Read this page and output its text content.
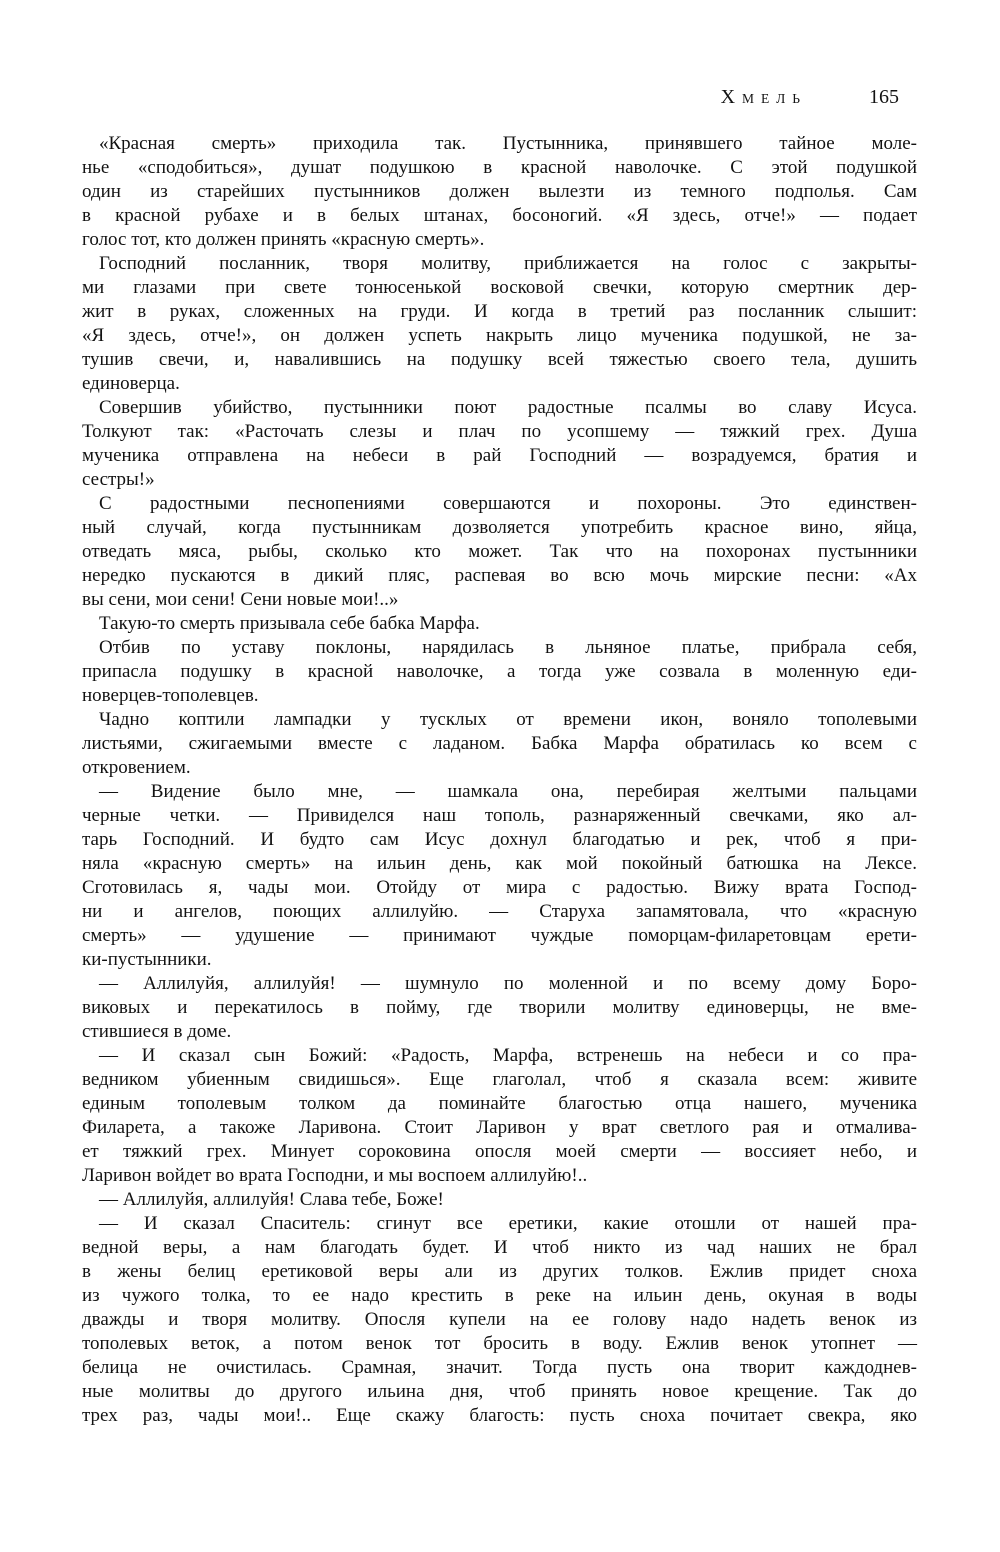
ХМЕЛЬ	165

«Красная смерть» приходила так. Пустынника, принявшего тайное моле-
нье «сподобиться», душат подушкою в красной наволочке. С этой подушкой
один из старейших пустынников должен вылезти из темного подполья. Сам
в красной рубахе и в белых штанах, босоногий. «Я здесь, отче!» — подает
голос тот, кто должен принять «красную смерть».

Господний посланник, творя молитву, приближается на голос с закрыты-
ми глазами при свете тонюсенькой восковой свечки, которую смертник дер-
жит в руках, сложенных на груди. И когда в третий раз посланник слышит:
«Я здесь, отче!», он должен успеть накрыть лицо мученика подушкой, не за-
тушив свечи, и, навалившись на подушку всей тяжестью своего тела, душить
единоверца.

Совершив убийство, пустынники поют радостные псалмы во славу Исуса.
Толкуют так: «Расточать слезы и плач по усопшему — тяжкий грех. Душа
мученика отправлена на небеси в рай Господний — возрадуемся, братия и
сестры!»

С радостными песнопениями совершаются и похороны. Это единствен-
ный случай, когда пустынникам дозволяется употребить красное вино, яйца,
отведать мяса, рыбы, сколько кто может. Так что на похоронах пустынники
нередко пускаются в дикий пляс, распевая во всю мочь мирские песни: «Ах
вы сени, мои сени! Сени новые мои!..»

Такую-то смерть призывала себе бабка Марфа.

Отбив по уставу поклоны, нарядилась в льняное платье, прибрала себя,
припасла подушку в красной наволочке, а тогда уже созвала в моленную еди-
новерцев-тополевцев.

Чадно коптили лампадки у тусклых от времени икон, воняло тополевыми
листьями, сжигаемыми вместе с ладаном. Бабка Марфа обратилась ко всем с
откровением.

— Видение было мне, — шамкала она, перебирая желтыми пальцами
черные четки. — Привиделся наш тополь, разнаряженный свечками, яко ал-
тарь Господний. И будто сам Исус дохнул благодатью и рек, чтоб я при-
няла «красную смерть» на ильин день, как мой покойный батюшка на Лексе.
Сготовилась я, чады мои. Отойду от мира с радостью. Вижу врата Господ-
ни и ангелов, поющих аллилуйю. — Старуха запамятовала, что «красную
смерть» — удушение — принимают чуждые поморцам-филаретовцам ерети-
ки-пустынники.

— Аллилуйя, аллилуйя! — шумнуло по моленной и по всему дому Боро-
виковых и перекатилось в пойму, где творили молитву единоверцы, не вме-
стившиеся в доме.

— И сказал сын Божий: «Радость, Марфа, встренешь на небеси и со пра-
ведником убиенным свидишься». Еще глаголал, чтоб я сказала всем: живите
единым тополевым толком да поминайте благостью отца нашего, мученика
Филарета, а такоже Ларивона. Стоит Ларивон у врат светлого рая и отмалива-
ет тяжкий грех. Минует сороковина опосля моей смерти — воссияет небо, и
Ларивон войдет во врата Господни, и мы воспоем аллилуйю!..

— Аллилуйя, аллилуйя! Слава тебе, Боже!

— И сказал Спаситель: сгинут все еретики, какие отошли от нашей пра-
ведной веры, а нам благодать будет. И чтоб никто из чад наших не брал
в жены белиц еретиковой веры али из других толков. Ежлив придет сноха
из чужого толка, то ее надо крестить в реке на ильин день, окуная в воды
дважды и творя молитву. Опосля купели на ее голову надо надеть венок из
тополевых веток, а потом венок тот бросить в воду. Ежлив венок утопнет —
белица не очистилась. Срамная, значит. Тогда пусть она творит каждоднев-
ные молитвы до другого ильина дня, чтоб принять новое крещение. Так до
трех раз, чады мои!.. Еще скажу благость: пусть сноха почитает свекра, яко
